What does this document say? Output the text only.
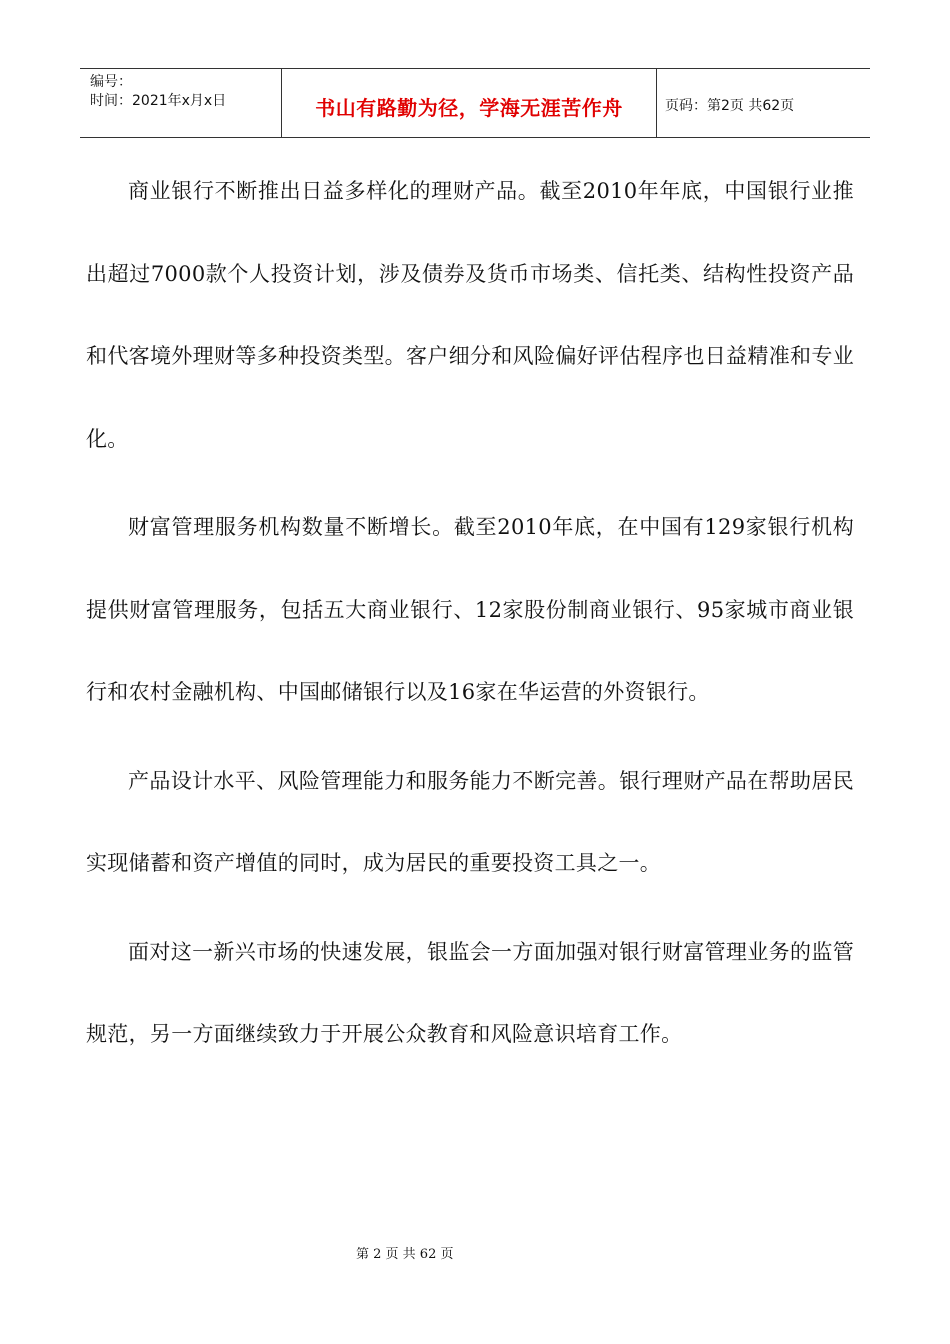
编号：
时间：2021年x月x日	书山有路勤为径，学海无涯苦作舟	页码：第2页 共62页

商业银行不断推出日益多样化的理财产品。截至2010年年底，中国银行业推出超过7000款个人投资计划，涉及债券及货币市场类、信托类、结构性投资产品和代客境外理财等多种投资类型。客户细分和风险偏好评估程序也日益精准和专业化。

财富管理服务机构数量不断增长。截至2010年底，在中国有129家银行机构提供财富管理服务，包括五大商业银行、12家股份制商业银行、95家城市商业银行和农村金融机构、中国邮储银行以及16家在华运营的外资银行。

产品设计水平、风险管理能力和服务能力不断完善。银行理财产品在帮助居民实现储蓄和资产增值的同时，成为居民的重要投资工具之一。

面对这一新兴市场的快速发展，银监会一方面加强对银行财富管理业务的监管规范，另一方面继续致力于开展公众教育和风险意识培育工作。

第 2 页 共 62 页
